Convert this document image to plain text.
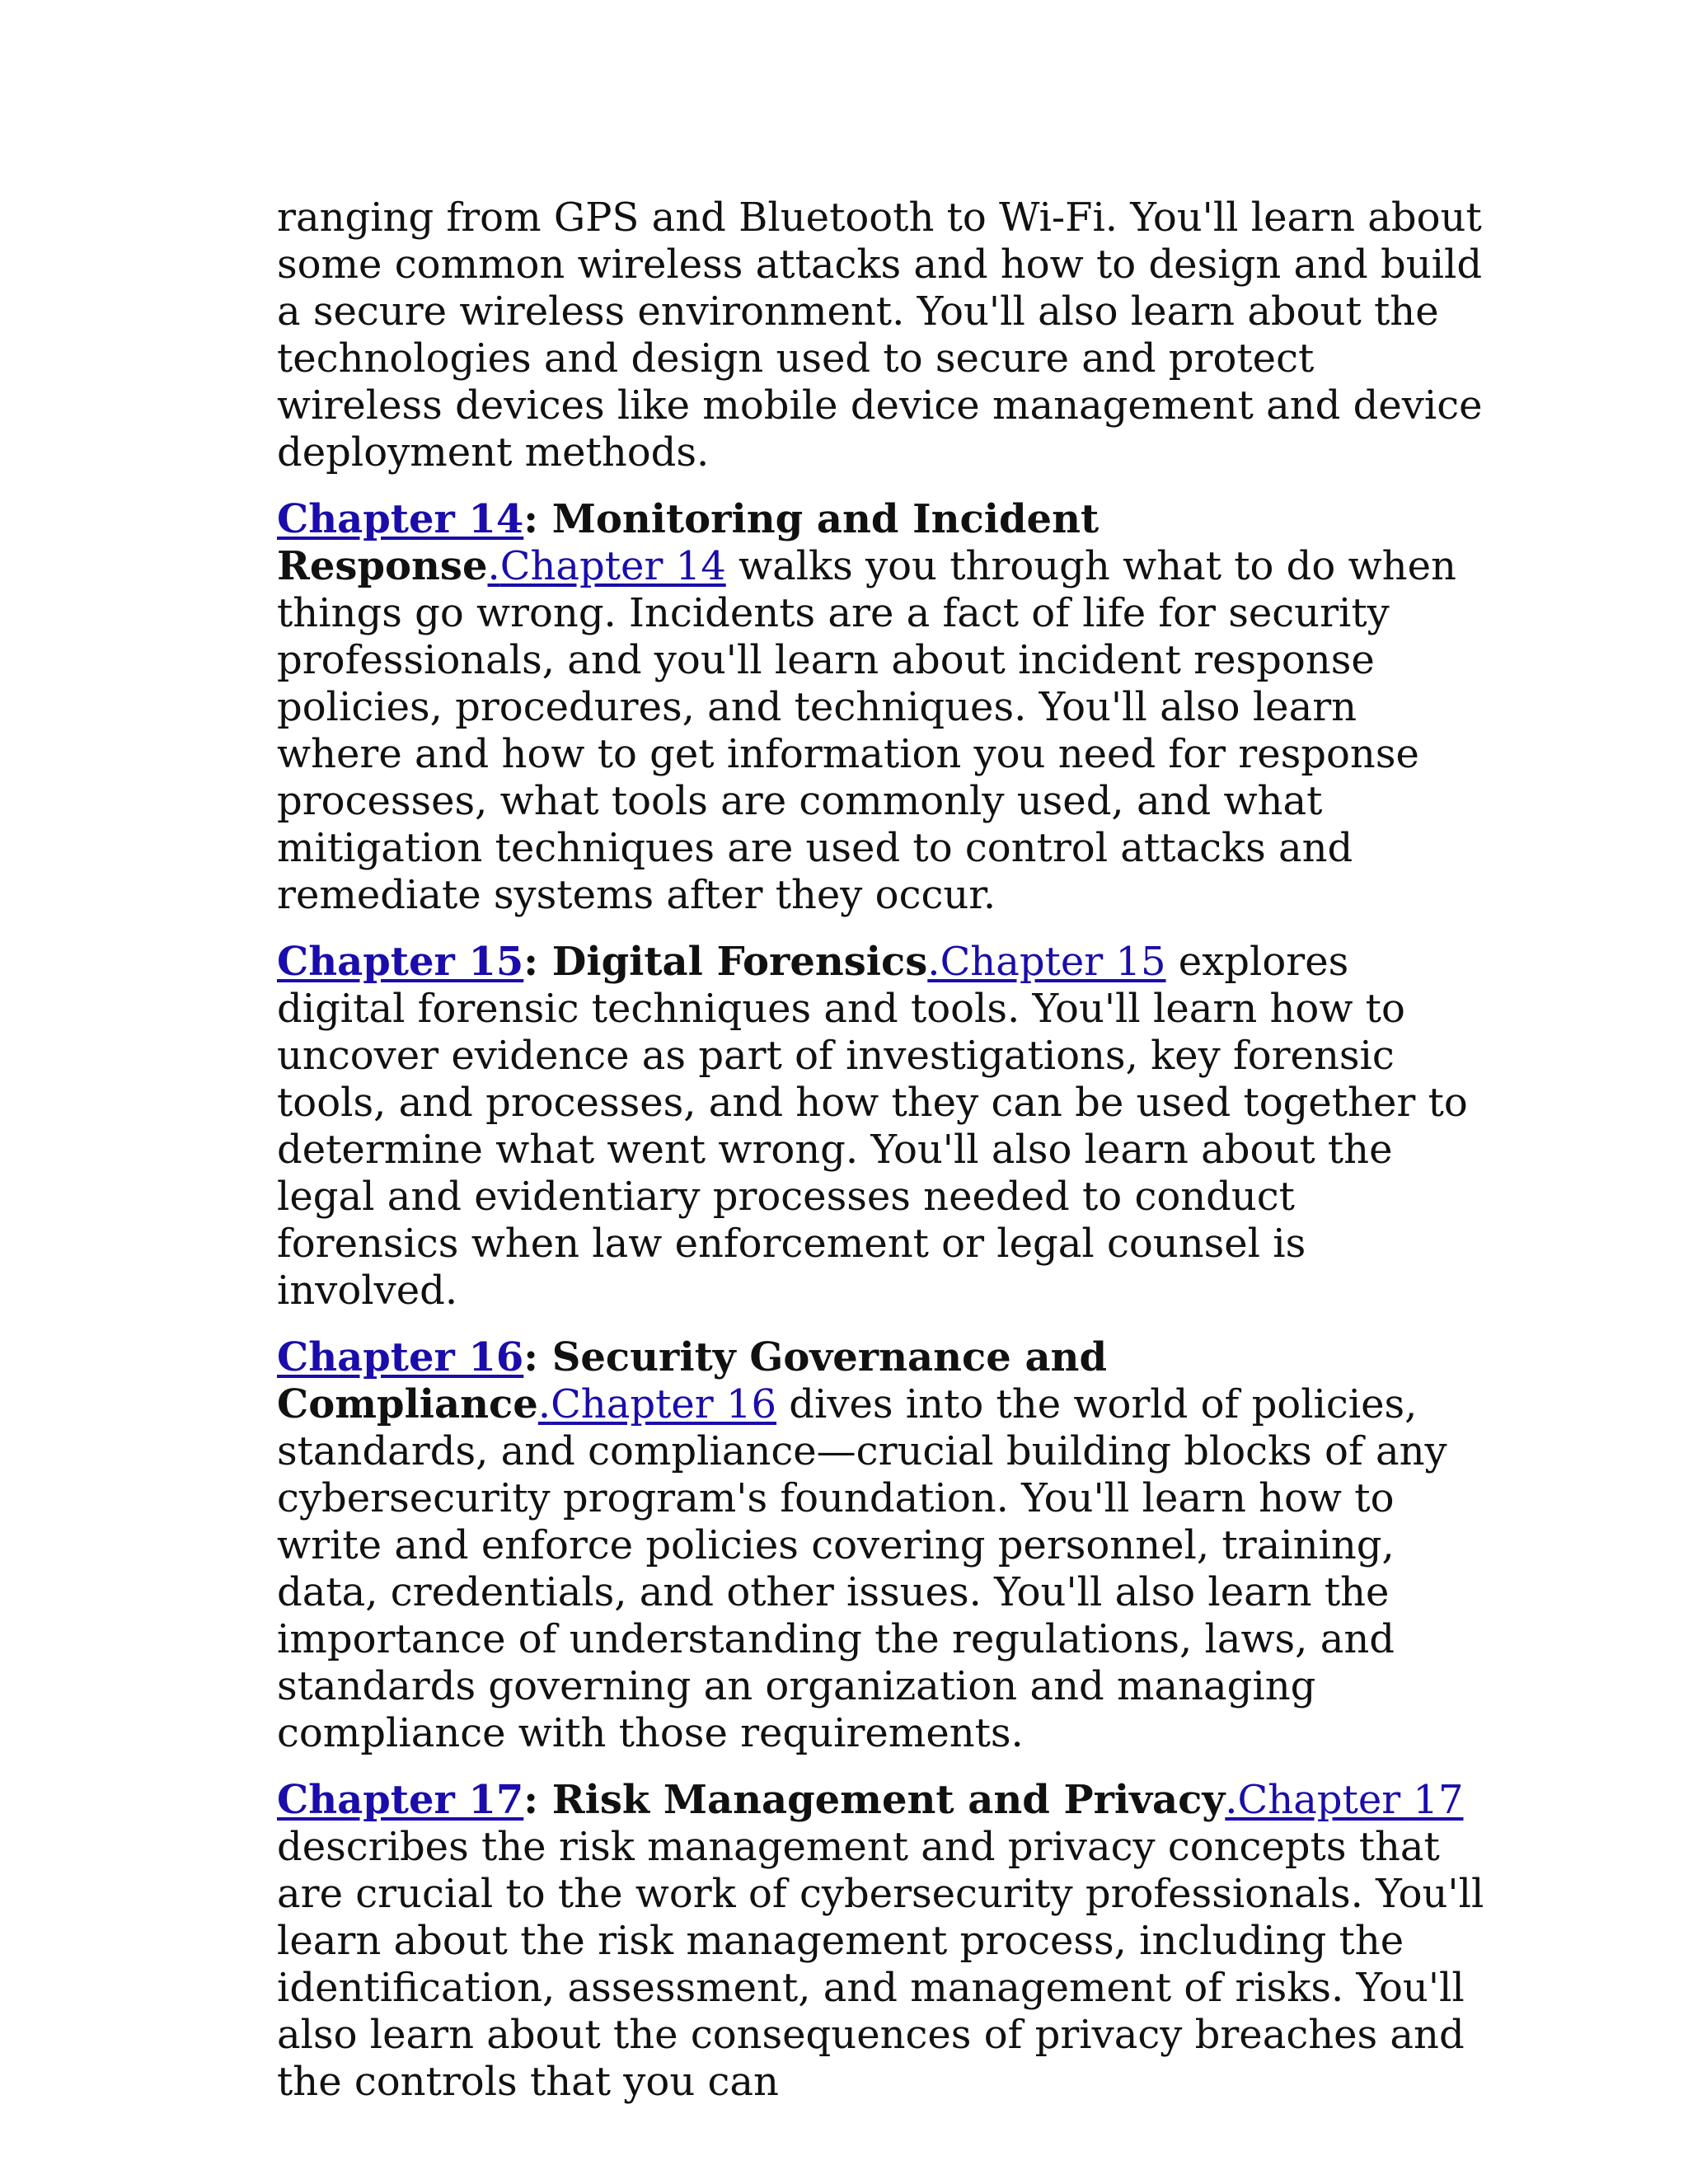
ranging from GPS and Bluetooth to Wi-Fi. You'll learn about some common wireless attacks and how to design and build a secure wireless environment. You'll also learn about the technologies and design used to secure and protect wireless devices like mobile device management and device deployment methods.

Chapter 14: Monitoring and Incident Response.Chapter 14 walks you through what to do when things go wrong. Incidents are a fact of life for security professionals, and you'll learn about incident response policies, procedures, and techniques. You'll also learn where and how to get information you need for response processes, what tools are commonly used, and what mitigation techniques are used to control attacks and remediate systems after they occur.

Chapter 15: Digital Forensics.Chapter 15 explores digital forensic techniques and tools. You'll learn how to uncover evidence as part of investigations, key forensic tools, and processes, and how they can be used together to determine what went wrong. You'll also learn about the legal and evidentiary processes needed to conduct forensics when law enforcement or legal counsel is involved.

Chapter 16: Security Governance and Compliance.Chapter 16 dives into the world of policies, standards, and compliance—crucial building blocks of any cybersecurity program's foundation. You'll learn how to write and enforce policies covering personnel, training, data, credentials, and other issues. You'll also learn the importance of understanding the regulations, laws, and standards governing an organization and managing compliance with those requirements.

Chapter 17: Risk Management and Privacy.Chapter 17 describes the risk management and privacy concepts that are crucial to the work of cybersecurity professionals. You'll learn about the risk management process, including the identification, assessment, and management of risks. You'll also learn about the consequences of privacy breaches and the controls that you can
